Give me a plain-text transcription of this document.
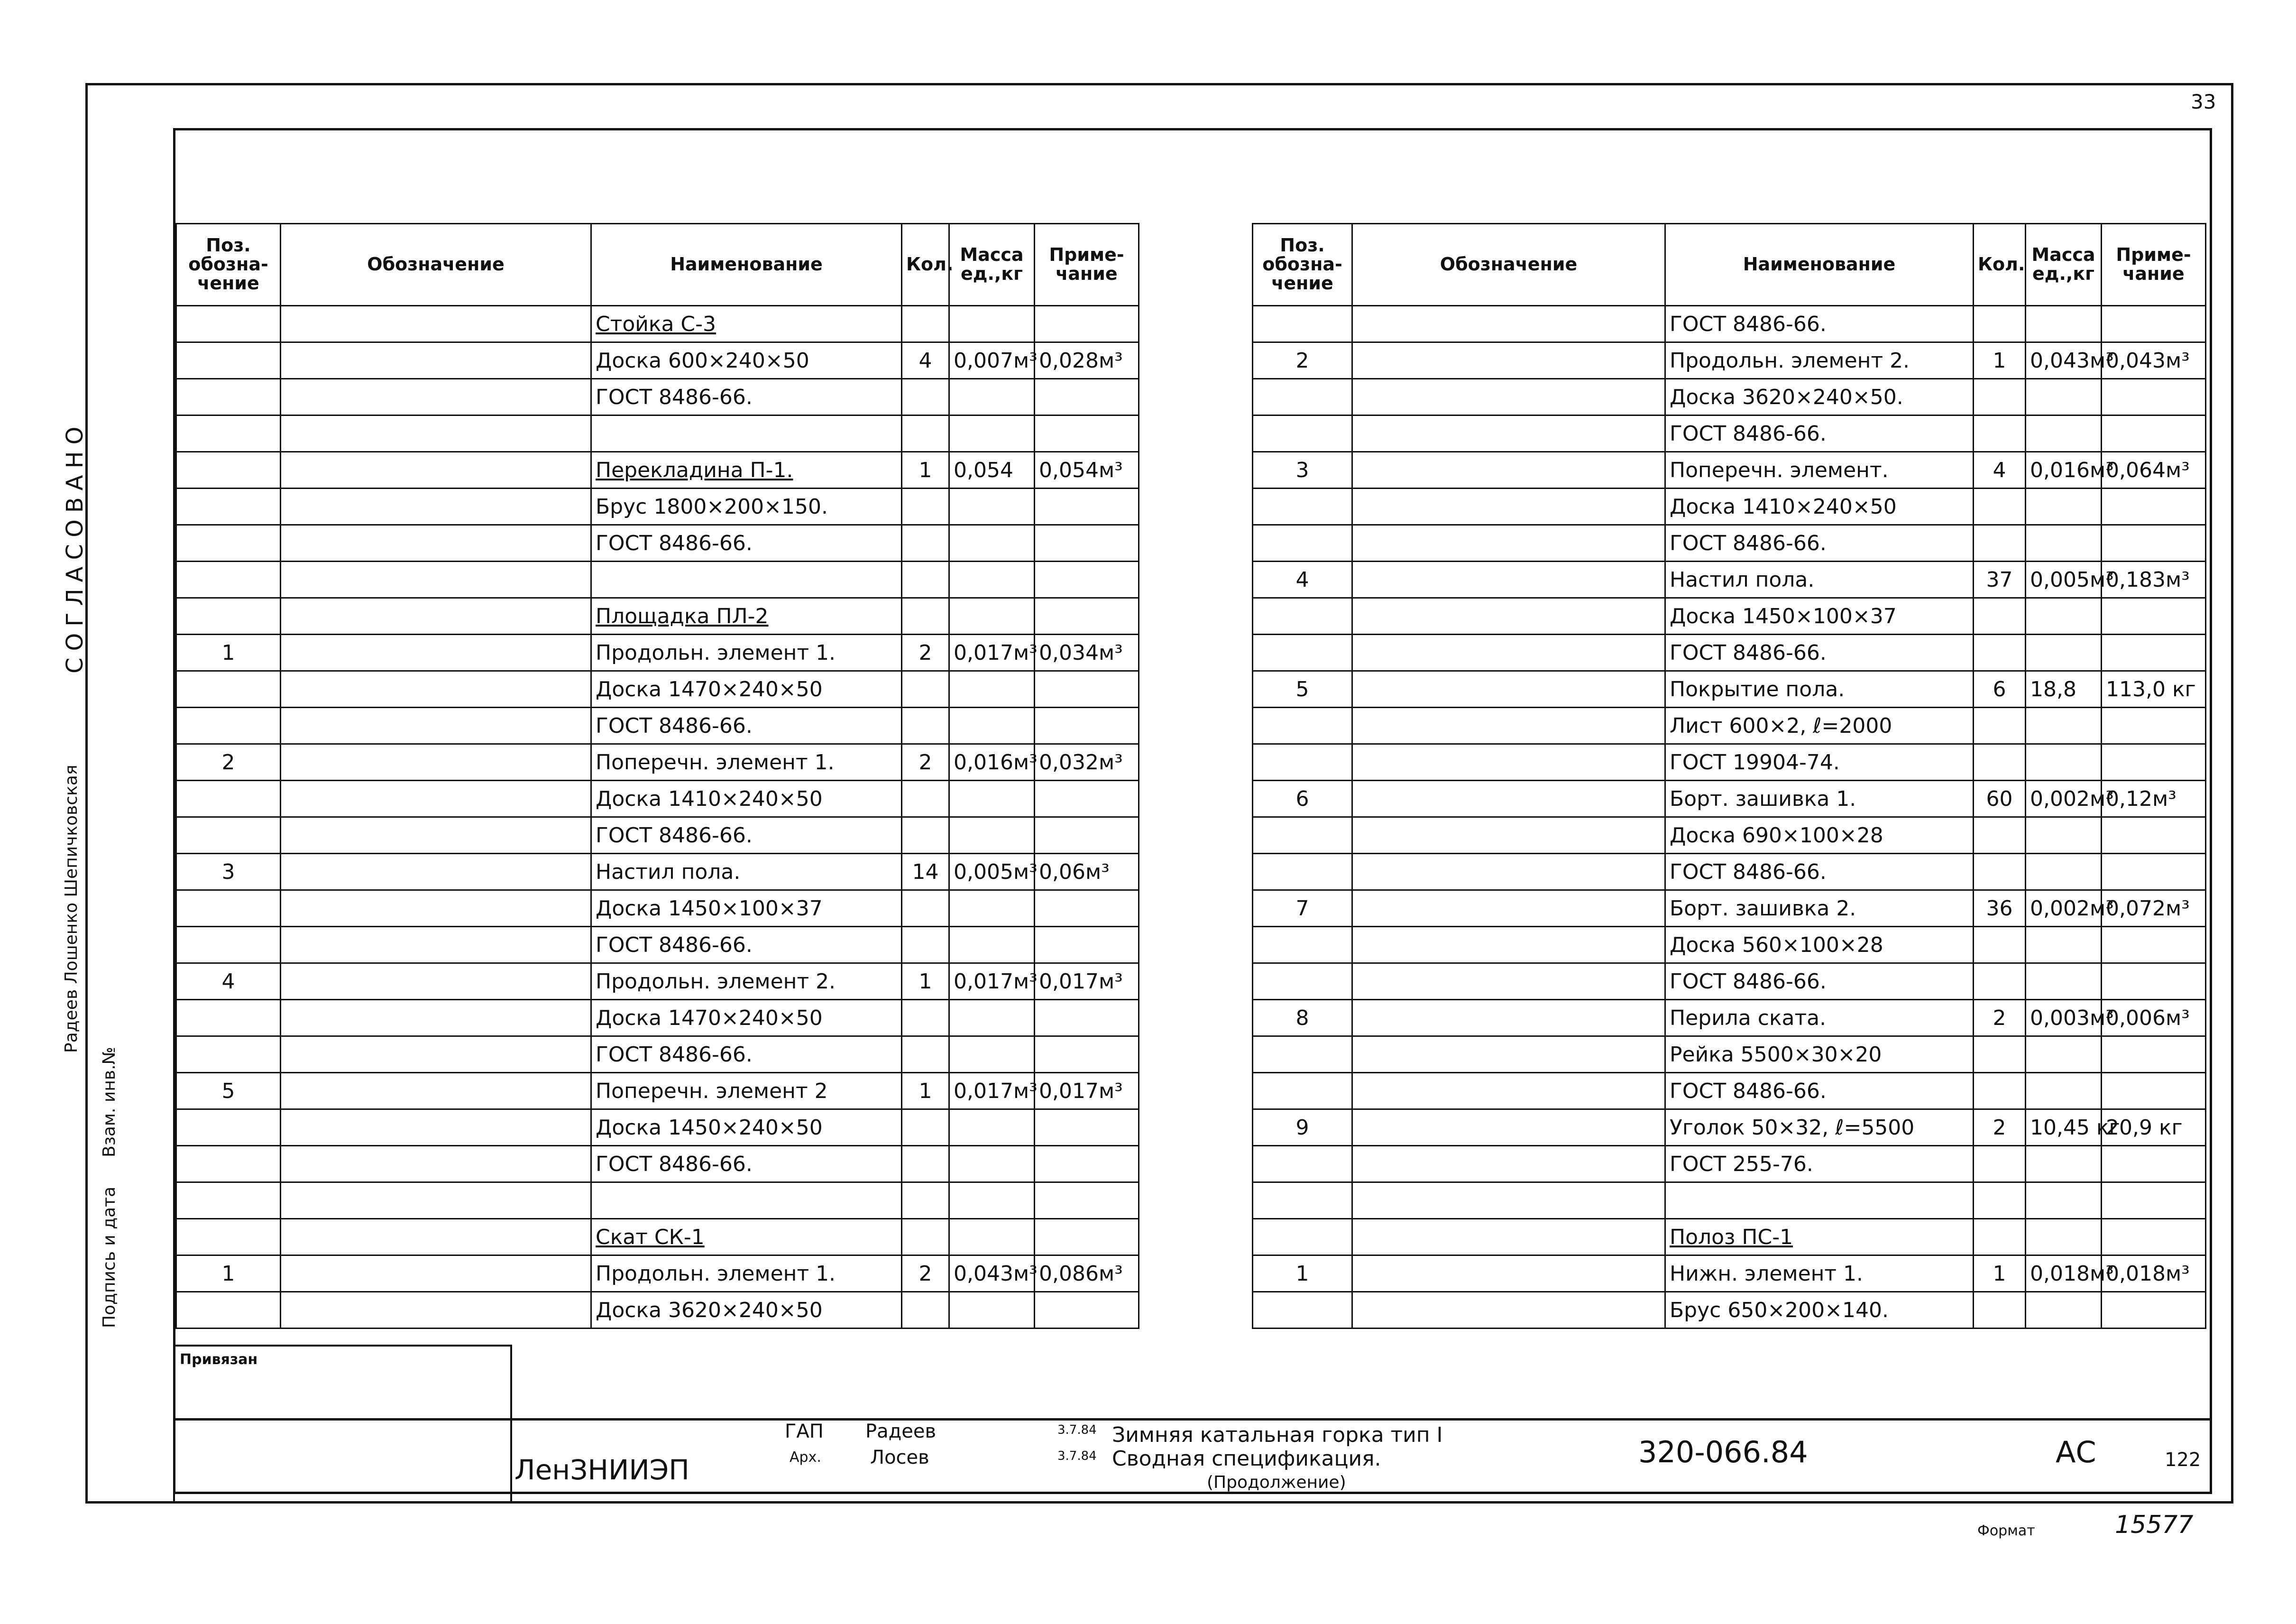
33
Поз. обозна- чение	Обозначение	Наименование	Кол.	Масса ед.,кг	Приме- чание
		Стойка С-3			
		Доска 600×240×50	4	0,007м³	0,028м³
		ГОСТ 8486-66.			

		Перекладина П-1.	1	0,054	0,054м³
		Брус 1800×200×150.			
		ГОСТ 8486-66.			

		Площадка ПЛ-2			
1		Продольн. элемент 1.	2	0,017м³	0,034м³
		Доска 1470×240×50			
		ГОСТ 8486-66.			
2		Поперечн. элемент 1.	2	0,016м³	0,032м³
		Доска 1410×240×50			
		ГОСТ 8486-66.			
3		Настил пола.	14	0,005м³	0,06м³
		Доска 1450×100×37			
		ГОСТ 8486-66.			
4		Продольн. элемент 2.	1	0,017м³	0,017м³
		Доска 1470×240×50			
		ГОСТ 8486-66.			
5		Поперечн. элемент 2	1	0,017м³	0,017м³
		Доска 1450×240×50			
		ГОСТ 8486-66.			

		Скат СК-1			
1		Продольн. элемент 1.	2	0,043м³	0,086м³
		Доска 3620×240×50			
Поз. обозна- чение	Обозначение	Наименование	Кол.	Масса ед.,кг	Приме- чание
		ГОСТ 8486-66.			
2		Продольн. элемент 2.	1	0,043м³	0,043м³
		Доска 3620×240×50.			
		ГОСТ 8486-66.			
3		Поперечн. элемент.	4	0,016м³	0,064м³
		Доска 1410×240×50			
		ГОСТ 8486-66.			
4		Настил пола.	37	0,005м³	0,183м³
		Доска 1450×100×37			
		ГОСТ 8486-66.			
5		Покрытие пола.	6	18,8	113,0 кг
		Лист 600×2, ℓ=2000			
		ГОСТ 19904-74.			
6		Борт. зашивка 1.	60	0,002м³	0,12м³
		Доска 690×100×28			
		ГОСТ 8486-66.			
7		Борт. зашивка 2.	36	0,002м³	0,072м³
		Доска 560×100×28			
		ГОСТ 8486-66.			
8		Перила ската.	2	0,003м³	0,006м³
		Рейка 5500×30×20			
		ГОСТ 8486-66.			
9		Уголок 50×32, ℓ=5500	2	10,45 кг	20,9 кг
		ГОСТ 255-76.			

		Полоз ПС-1			
1		Нижн. элемент 1.	1	0,018м³	0,018м³
		Брус 650×200×140.			
Привязан
ЛенЗНИИЭП
ГАП Радеев
Арх.	Лосев
3.7.84
3.7.84
Зимняя катальная горка тип I
Сводная спецификация.
(Продолжение)
320-066.84	АС	122
СОГЛАСОВАНО
Радеев Лошенко Шепичковская
Взам. инв.№
Подпись и дата
Формат	15577
